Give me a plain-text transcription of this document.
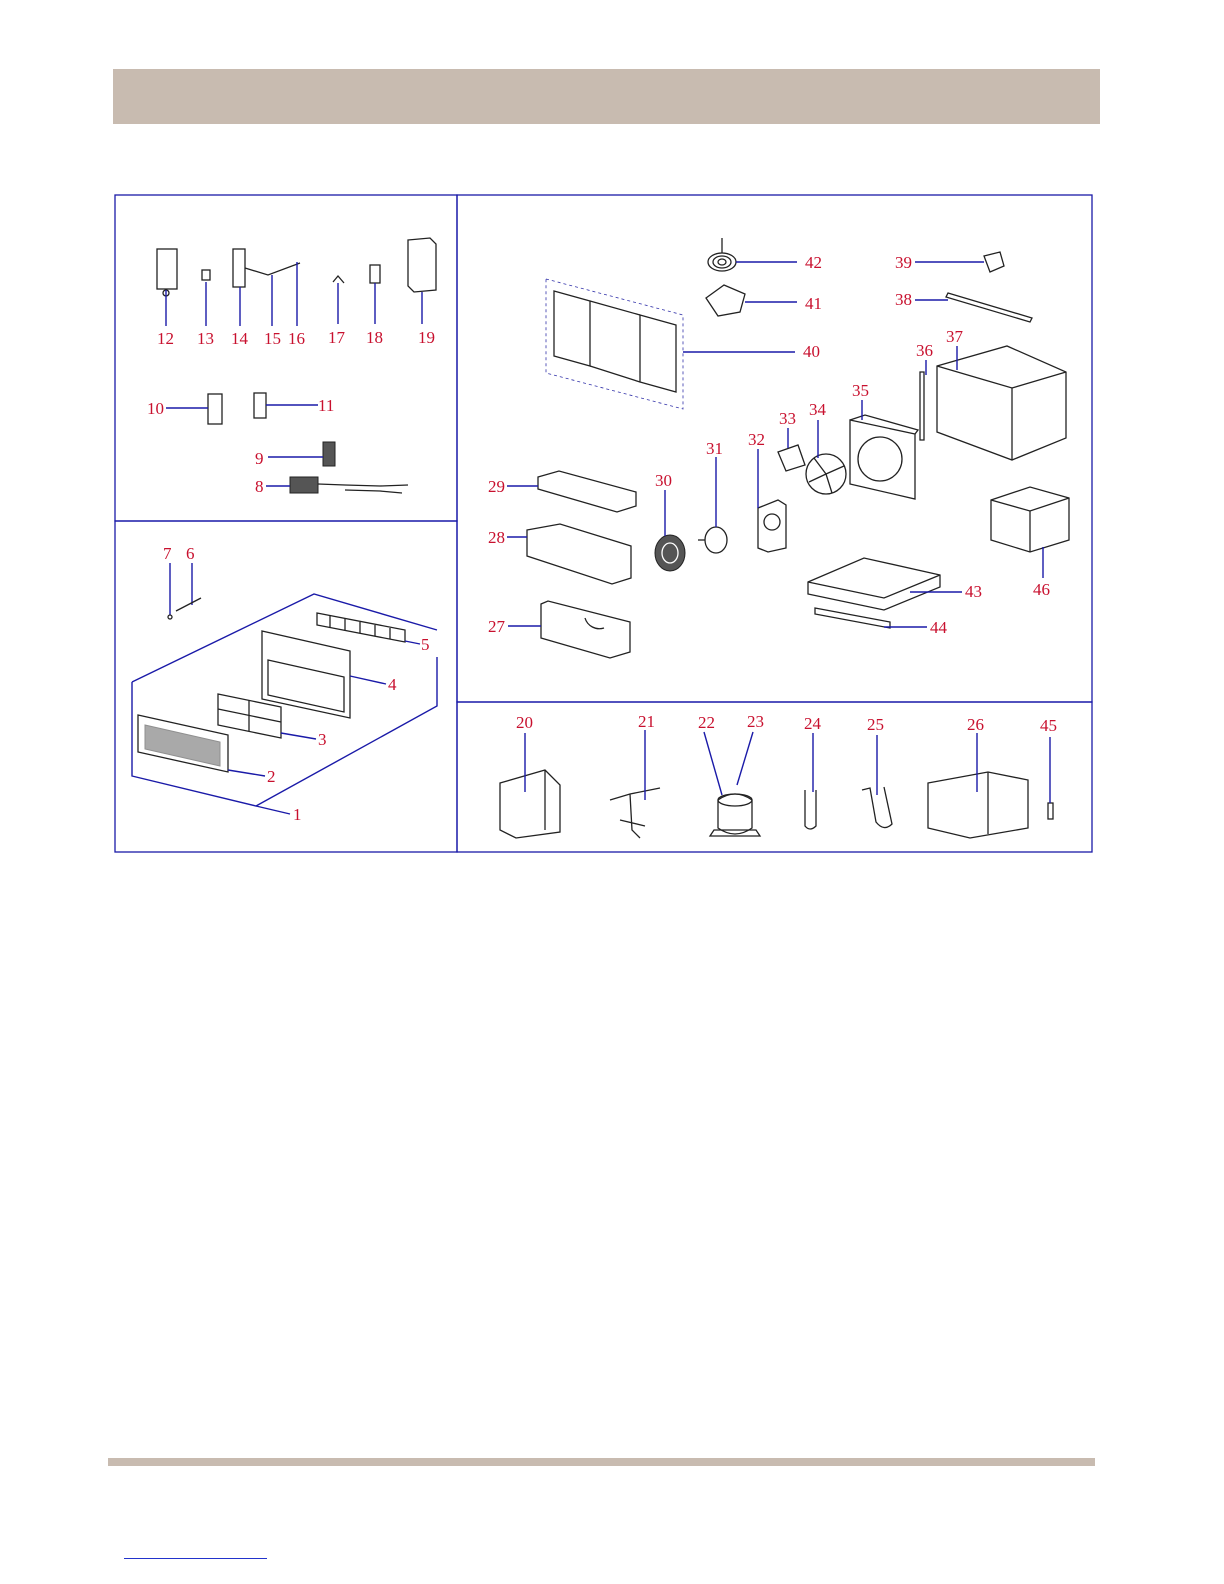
12 13 14 15 16 17 18 19
10	11
9
8
7 6
5
4
3
2
1
42
41
40
39
38
37
36
35
34
33
32
31
30
29
28
27
43
44
46
20	21	22 23 24	25	26	45
